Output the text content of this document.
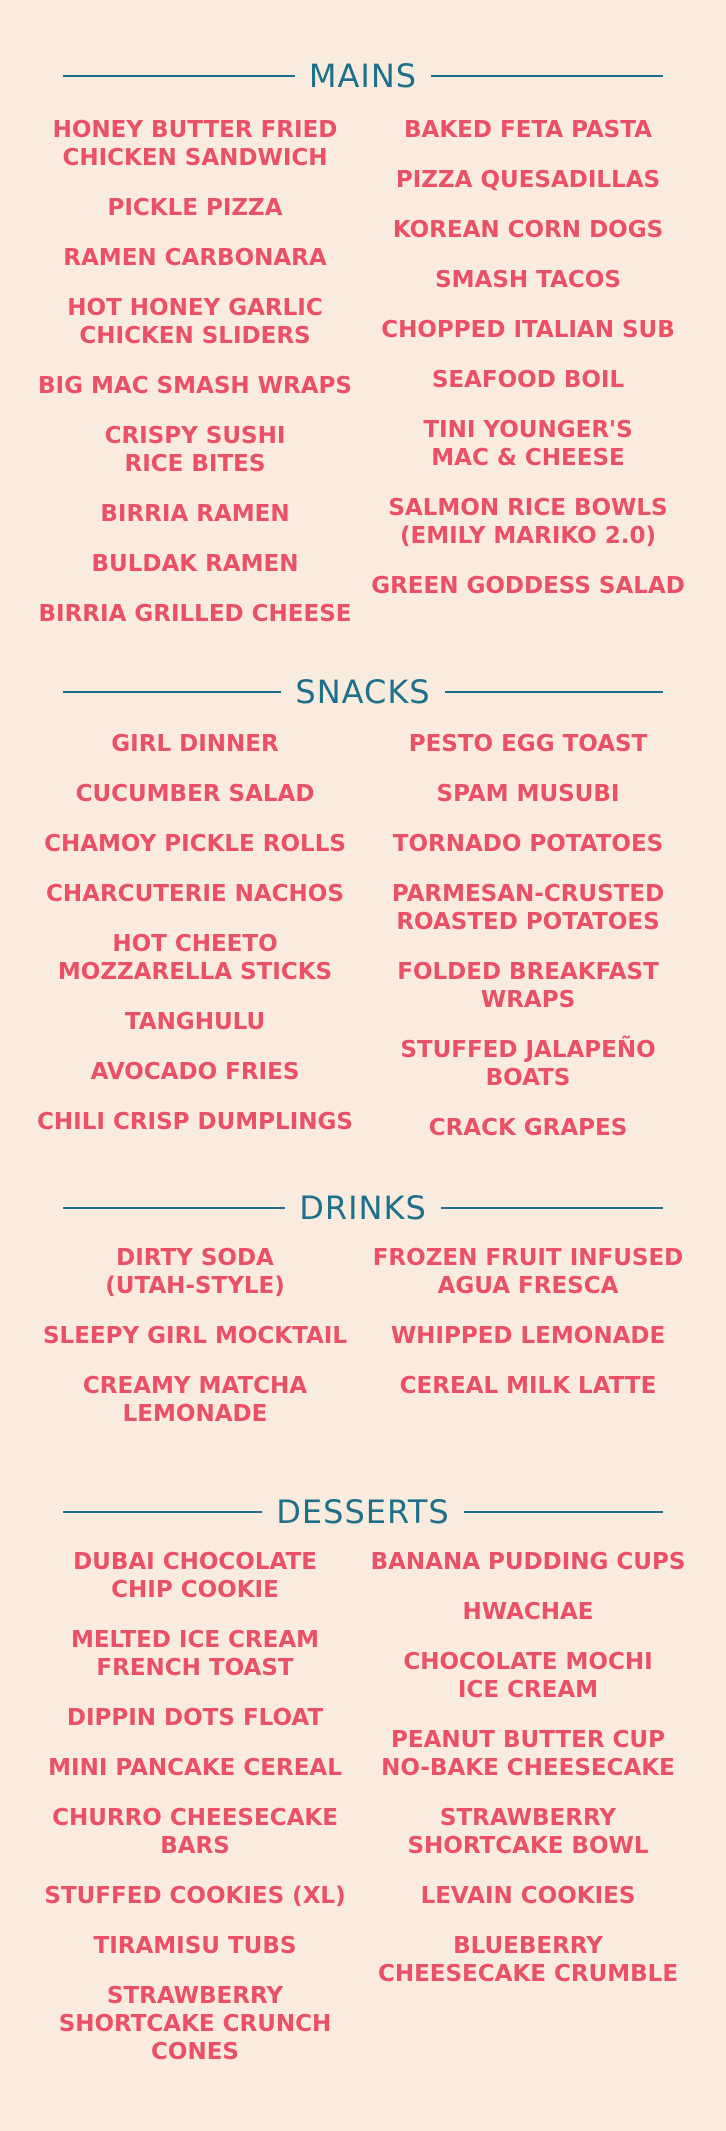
MAINS
HONEY BUTTER FRIED
CHICKEN SANDWICH
PICKLE PIZZA
RAMEN CARBONARA
HOT HONEY GARLIC
CHICKEN SLIDERS
BIG MAC SMASH WRAPS
CRISPY SUSHI
RICE BITES
BIRRIA RAMEN
BULDAK RAMEN
BIRRIA GRILLED CHEESE
BAKED FETA PASTA
PIZZA QUESADILLAS
KOREAN CORN DOGS
SMASH TACOS
CHOPPED ITALIAN SUB
SEAFOOD BOIL
TINI YOUNGER'S
MAC & CHEESE
SALMON RICE BOWLS
(EMILY MARIKO 2.0)
GREEN GODDESS SALAD
SNACKS
GIRL DINNER
CUCUMBER SALAD
CHAMOY PICKLE ROLLS
CHARCUTERIE NACHOS
HOT CHEETO
MOZZARELLA STICKS
TANGHULU
AVOCADO FRIES
CHILI CRISP DUMPLINGS
PESTO EGG TOAST
SPAM MUSUBI
TORNADO POTATOES
PARMESAN-CRUSTED
ROASTED POTATOES
FOLDED BREAKFAST
WRAPS
STUFFED JALAPEÑO
BOATS
CRACK GRAPES
DRINKS
DIRTY SODA
(UTAH-STYLE)
SLEEPY GIRL MOCKTAIL
CREAMY MATCHA
LEMONADE
FROZEN FRUIT INFUSED
AGUA FRESCA
WHIPPED LEMONADE
CEREAL MILK LATTE
DESSERTS
DUBAI CHOCOLATE
CHIP COOKIE
MELTED ICE CREAM
FRENCH TOAST
DIPPIN DOTS FLOAT
MINI PANCAKE CEREAL
CHURRO CHEESECAKE
BARS
STUFFED COOKIES (XL)
TIRAMISU TUBS
STRAWBERRY
SHORTCAKE CRUNCH
CONES
BANANA PUDDING CUPS
HWACHAE
CHOCOLATE MOCHI
ICE CREAM
PEANUT BUTTER CUP
NO-BAKE CHEESECAKE
STRAWBERRY
SHORTCAKE BOWL
LEVAIN COOKIES
BLUEBERRY
CHEESECAKE CRUMBLE
